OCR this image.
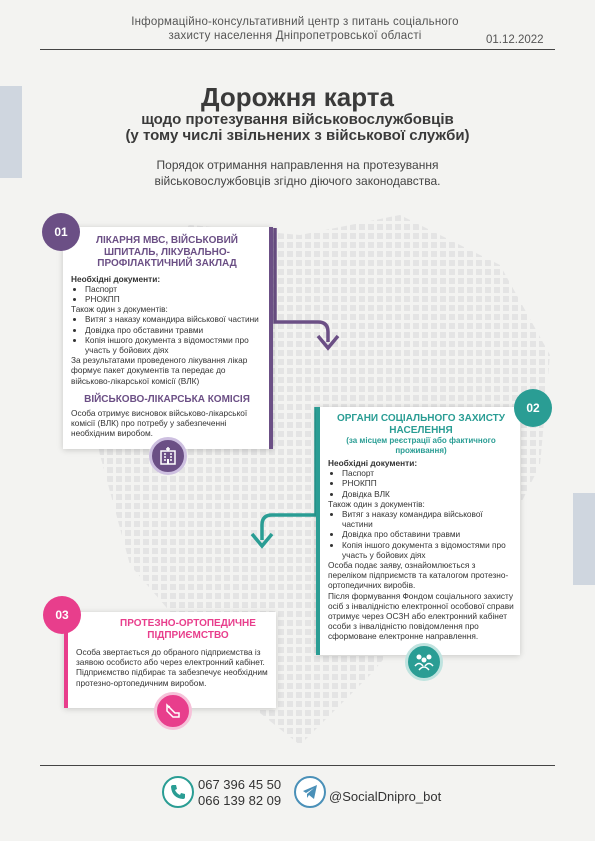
Інформаційно-консультативний центр з питань соціального захисту населення Дніпропетровської області	01.12.2022
Дорожня карта
щодо протезування військовослужбовців
(у тому числі звільнених з військової служби)
Порядок отримання направлення на протезування військовослужбовців згідно діючого законодавства.
ЛІКАРНЯ МВС, ВІЙСЬКОВИЙ ШПИТАЛЬ, ЛІКУВАЛЬНО-ПРОФІЛАКТИЧНИЙ ЗАКЛАД
Необхідні документи:
• Паспорт
• РНОКПП
Також один з документів:
• Витяг з наказу командира військової частини
• Довідка про обставини травми
• Копія іншого документа з відомостями про участь у бойових діях
За результатами проведеного лікування лікар формує пакет документів та передає до військово-лікарської комісії (ВЛК)
ВІЙСЬКОВО-ЛІКАРСЬКА КОМІСІЯ
Особа отримує висновок військово-лікарської комісії (ВЛК) про потребу у забезпеченні необхідним виробом.
01
ОРГАНИ СОЦІАЛЬНОГО ЗАХИСТУ НАСЕЛЕННЯ
(за місцем реєстрації або фактичного проживання)
Необхідні документи:
• Паспорт
• РНОКПП
• Довідка ВЛК
Також один з документів:
• Витяг з наказу командира військової частини
• Довідка про обставини травми
• Копія іншого документа з відомостями про участь у бойових діях
Особа подає заяву, ознайомлюється з переліком підприємств та каталогом протезно-ортопедичних виробів.
Після формування Фондом соціального захисту осіб з інвалідністю електронної особової справи отримує через ОСЗН або електронний кабінет особи з інвалідністю повідомлення про сформоване електронне направлення.
02
ПРОТЕЗНО-ОРТОПЕДИЧНЕ ПІДПРИЄМСТВО
Особа звертається до обраного підприємства із заявою особисто або через електронний кабінет. Підприємство підбирає та забезпечує необхідним протезно-ортопедичним виробом.
03
067 396 45 50
066 139 82 09	@SocialDnipro_bot
